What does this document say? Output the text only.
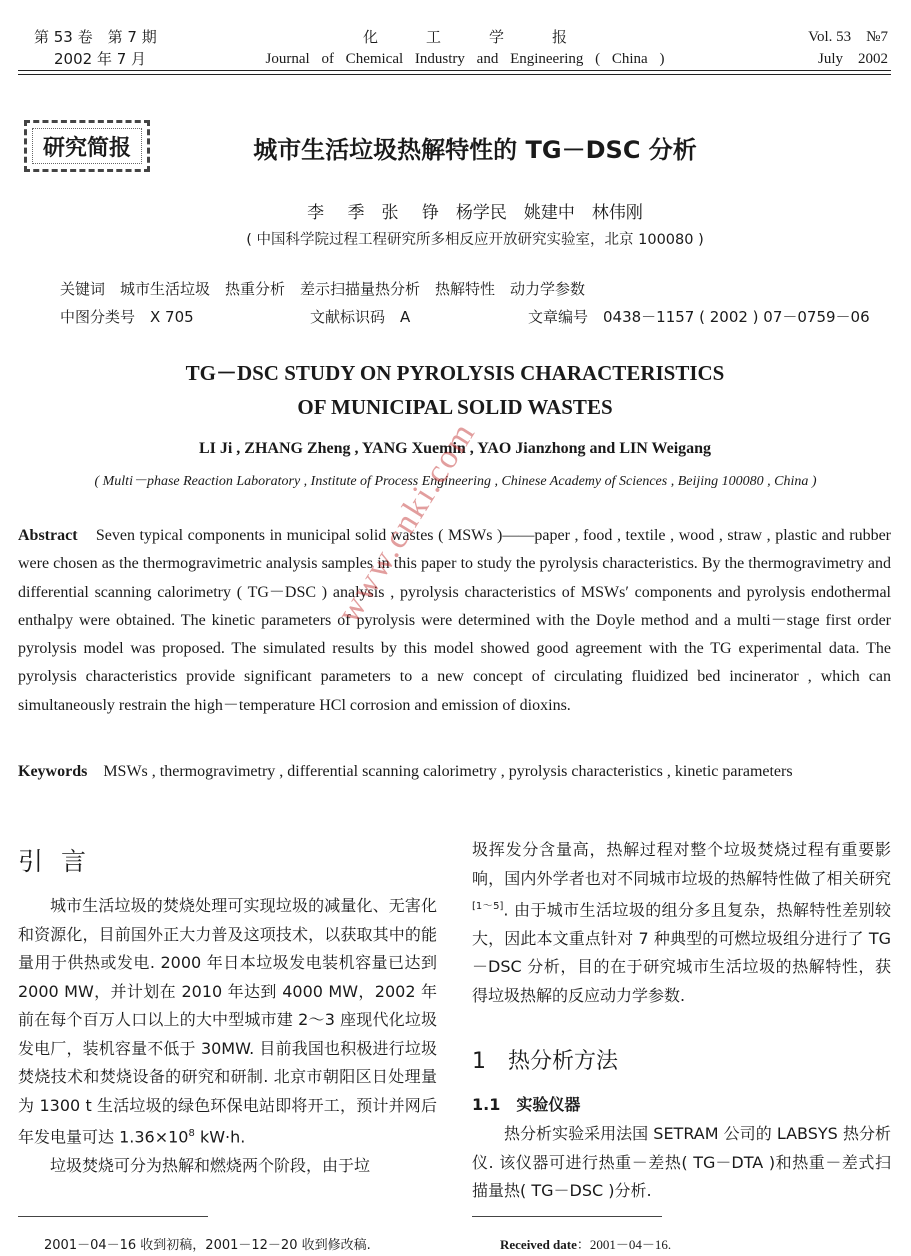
第 53 卷　第 7 期
2002 年 7 月
化工学报
Journal of Chemical Industry and Engineering ( China )
Vol. 53　№7
July　2002
研究简报	城市生活垃圾热解特性的 TG－DSC 分析
李 季　张 铮　杨学民　姚建中　林伟刚
( 中国科学院过程工程研究所多相反应开放研究实验室，北京 100080 )
关键词　城市生活垃圾　热重分析　差示扫描量热分析　热解特性　动力学参数
中图分类号　X 705	文献标识码　A	文章编号　0438－1157 ( 2002 ) 07－0759－06
TG－DSC STUDY ON PYROLYSIS CHARACTERISTICS
OF MUNICIPAL SOLID WASTES
LI Ji , ZHANG Zheng , YANG Xuemin , YAO Jianzhong and LIN Weigang
( Multi－phase Reaction Laboratory , Institute of Process Engineering , Chinese Academy of Sciences , Beijing 100080 , China )
Abstract Seven typical components in municipal solid wastes ( MSWs )——paper , food , textile , wood , straw , plastic and rubber were chosen as the thermogravimetric analysis samples in this paper to study the pyrolysis characteristics. By the thermogravimetry and differential scanning calorimetry ( TG－DSC ) analysis , pyrolysis characteristics of MSWs′ components and pyrolysis endothermal enthalpy were obtained. The kinetic parameters of pyrolysis were determined with the Doyle method and a multi－stage first order pyrolysis model was proposed. The simulated results by this model showed good agreement with the TG experimental data. The pyrolysis characteristics provide significant parameters to a new concept of circulating fluidized bed incinerator , which can simultaneously restrain the high－temperature HCl corrosion and emission of dioxins.
Keywords MSWs , thermogravimetry , differential scanning calorimetry , pyrolysis characteristics , kinetic parameters
引言

城市生活垃圾的焚烧处理可实现垃圾的减量化、无害化和资源化，目前国外正大力普及这项技术，以获取其中的能量用于供热或发电. 2000 年日本垃圾发电装机容量已达到 2000 MW，并计划在 2010 年达到 4000 MW，2002 年前在每个百万人口以上的大中型城市建 2～3 座现代化垃圾发电厂，装机容量不低于 30MW. 目前我国也积极进行垃圾焚烧技术和焚烧设备的研究和研制. 北京市朝阳区日处理量为 1300 t 生活垃圾的绿色环保电站即将开工，预计并网后年发电量可达 $1.36\times 10^8$ kW·h.

垃圾焚烧可分为热解和燃烧两个阶段，由于垃

圾挥发分含量高，热解过程对整个垃圾焚烧过程有重要影响，国内外学者也对不同城市垃圾的热解特性做了相关研究[1～5]. 由于城市生活垃圾的组分多且复杂，热解特性差别较大，因此本文重点针对 7 种典型的可燃垃圾组分进行了 TG－DSC 分析，目的在于研究城市生活垃圾的热解特性，获得垃圾热解的反应动力学参数.
1　热分析方法
1.1　实验仪器

热分析实验采用法国 SETRAM 公司的 LABSYS 热分析仪. 该仪器可进行热重－差热( TG－DTA )和热重－差式扫描量热( TG－DSC )分析.

2001－04－16 收到初稿，2001－12－20 收到修改稿.	Received date：2001－04－16.
www.cnki.com
